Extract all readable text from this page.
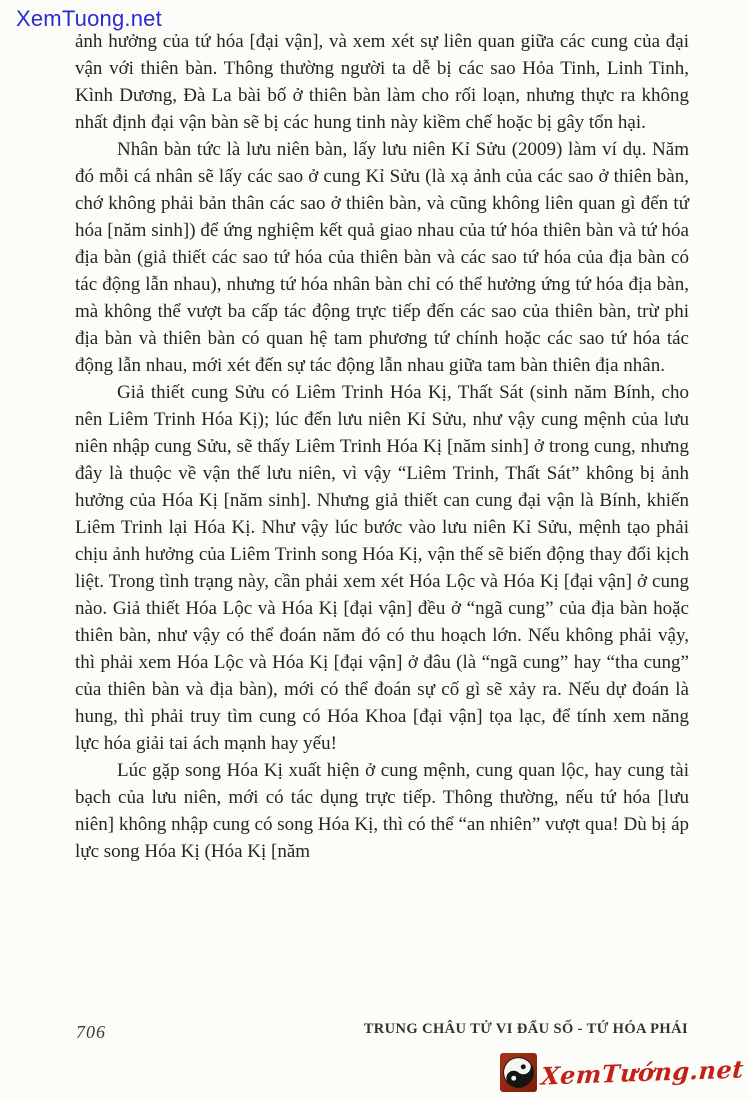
XemTuong.net

ảnh hưởng của tứ hóa [đại vận], và xem xét sự liên quan giữa các cung của đại vận với thiên bàn. Thông thường người ta dễ bị các sao Hỏa Tinh, Linh Tinh, Kình Dương, Đà La bài bố ở thiên bàn làm cho rối loạn, nhưng thực ra không nhất định đại vận bàn sẽ bị các hung tinh này kiềm chế hoặc bị gây tổn hại.

Nhân bàn tức là lưu niên bàn, lấy lưu niên Kỉ Sửu (2009) làm ví dụ. Năm đó mỗi cá nhân sẽ lấy các sao ở cung Kỉ Sửu (là xạ ảnh của các sao ở thiên bàn, chớ không phải bản thân các sao ở thiên bàn, và cũng không liên quan gì đến tứ hóa [năm sinh]) để ứng nghiệm kết quả giao nhau của tứ hóa thiên bàn và tứ hóa địa bàn (giả thiết các sao tứ hóa của thiên bàn và các sao tứ hóa của địa bàn có tác động lẫn nhau), nhưng tứ hóa nhân bàn chỉ có thể hưởng ứng tứ hóa địa bàn, mà không thể vượt ba cấp tác động trực tiếp đến các sao của thiên bàn, trừ phi địa bàn và thiên bàn có quan hệ tam phương tứ chính hoặc các sao tứ hóa tác động lẫn nhau, mới xét đến sự tác động lẫn nhau giữa tam bàn thiên địa nhân.

Giả thiết cung Sửu có Liêm Trinh Hóa Kị, Thất Sát (sinh năm Bính, cho nên Liêm Trinh Hóa Kị); lúc đến lưu niên Kỉ Sửu, như vậy cung mệnh của lưu niên nhập cung Sửu, sẽ thấy Liêm Trinh Hóa Kị [năm sinh] ở trong cung, nhưng đây là thuộc về vận thế lưu niên, vì vậy “Liêm Trinh, Thất Sát” không bị ảnh hưởng của Hóa Kị [năm sinh]. Nhưng giả thiết can cung đại vận là Bính, khiến Liêm Trinh lại Hóa Kị. Như vậy lúc bước vào lưu niên Kỉ Sửu, mệnh tạo phải chịu ảnh hưởng của Liêm Trinh song Hóa Kị, vận thế sẽ biến động thay đổi kịch liệt. Trong tình trạng này, cần phải xem xét Hóa Lộc và Hóa Kị [đại vận] ở cung nào. Giả thiết Hóa Lộc và Hóa Kị [đại vận] đều ở “ngã cung” của địa bàn hoặc thiên bàn, như vậy có thể đoán năm đó có thu hoạch lớn. Nếu không phải vậy, thì phải xem Hóa Lộc và Hóa Kị [đại vận] ở đâu (là “ngã cung” hay “tha cung” của thiên bàn và địa bàn), mới có thể đoán sự cố gì sẽ xảy ra. Nếu dự đoán là hung, thì phải truy tìm cung có Hóa Khoa [đại vận] tọa lạc, để tính xem năng lực hóa giải tai ách mạnh hay yếu!

Lúc gặp song Hóa Kị xuất hiện ở cung mệnh, cung quan lộc, hay cung tài bạch của lưu niên, mới có tác dụng trực tiếp. Thông thường, nếu tứ hóa [lưu niên] không nhập cung có song Hóa Kị, thì có thể “an nhiên” vượt qua! Dù bị áp lực song Hóa Kị (Hóa Kị [năm

706	TRUNG CHÂU TỬ VI ĐẨU SỐ - TỨ HÓA PHÁI
XemTướng.net
